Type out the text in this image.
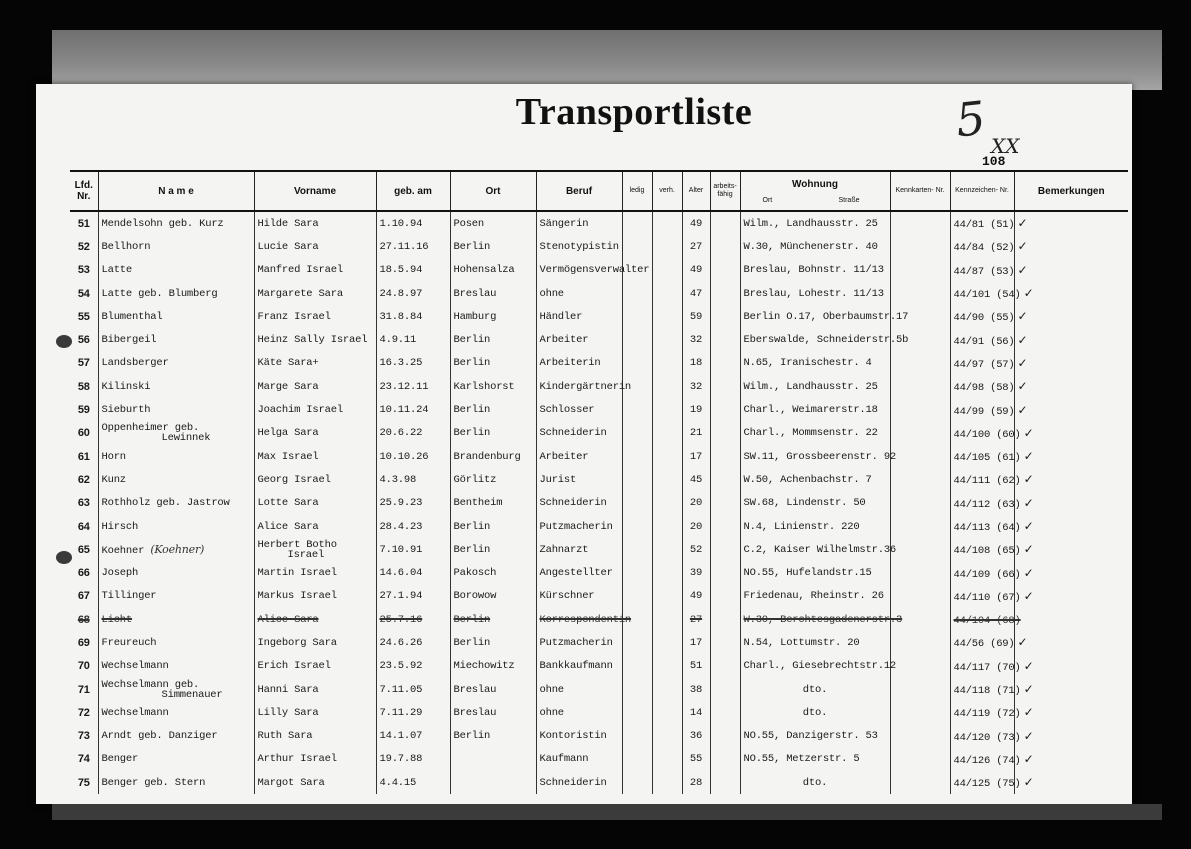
Transportliste	5 XX
108
Lfd. Nr.	N a m e	Vorname	geb. am	Ort	Beruf	ledig	verh.	Alter	arbeits- fähig	Wohnung
Ort Straße	Kennkarten- Nr.	Kennzeichen- Nr.	Bemerkungen
51	Mendelsohn geb. Kurz	Hilde Sara	1.10.94	Posen	Sängerin			49		Wilm., Landhausstr. 25		44/81 (51) ✓	
52	Bellhorn	Lucie Sara	27.11.16	Berlin	Stenotypistin			27		W.30, Münchenerstr. 40		44/84 (52) ✓	
53	Latte	Manfred Israel	18.5.94	Hohensalza	Vermögensverwalter			49		Breslau, Bohnstr. 11/13		44/87 (53) ✓	
54	Latte geb. Blumberg	Margarete Sara	24.8.97	Breslau	ohne			47		Breslau, Lohestr. 11/13		44/101 (54) ✓	
55	Blumenthal	Franz Israel	31.8.84	Hamburg	Händler			59		Berlin O.17, Oberbaumstr.17		44/90 (55) ✓	
56	Bibergeil	Heinz Sally Israel	4.9.11	Berlin	Arbeiter			32		Eberswalde, Schneiderstr.5b		44/91 (56) ✓	
57	Landsberger	Käte Sara+	16.3.25	Berlin	Arbeiterin			18		N.65, Iranischestr. 4		44/97 (57) ✓	
58	Kilinski	Marge Sara	23.12.11	Karlshorst	Kindergärtnerin			32		Wilm., Landhausstr. 25		44/98 (58) ✓	
59	Sieburth	Joachim Israel	10.11.24	Berlin	Schlosser			19		Charl., Weimarerstr.18		44/99 (59) ✓	
60	Oppenheimer geb.
Lewinnek	Helga Sara	20.6.22	Berlin	Schneiderin			21		Charl., Mommsenstr. 22		44/100 (60) ✓	
61	Horn	Max Israel	10.10.26	Brandenburg	Arbeiter			17		SW.11, Grossbeerenstr. 92		44/105 (61) ✓	
62	Kunz	Georg Israel	4.3.98	Görlitz	Jurist			45		W.50, Achenbachstr. 7		44/111 (62) ✓	
63	Rothholz geb. Jastrow	Lotte Sara	25.9.23	Bentheim	Schneiderin			20		SW.68, Lindenstr. 50		44/112 (63) ✓	
64	Hirsch	Alice Sara	28.4.23	Berlin	Putzmacherin			20		N.4, Linienstr. 220		44/113 (64) ✓	
65	Koehner (Koehner)	Herbert Botho
Israel	7.10.91	Berlin	Zahnarzt			52		C.2, Kaiser Wilhelmstr.36		44/108 (65) ✓	
66	Joseph	Martin Israel	14.6.04	Pakosch	Angestellter			39		NO.55, Hufelandstr.15		44/109 (66) ✓	
67	Tillinger	Markus Israel	27.1.94	Borowow	Kürschner			49		Friedenau, Rheinstr. 26		44/110 (67) ✓	
68	Licht	Alice Sara	25.7.16	Berlin	Korrespondentin			27		W.30, Berchtesgadenerstr.3		44/104 (68)	
69	Freureuch	Ingeborg Sara	24.6.26	Berlin	Putzmacherin			17		N.54, Lottumstr. 20		44/56 (69) ✓	
70	Wechselmann	Erich Israel	23.5.92	Miechowitz	Bankkaufmann			51		Charl., Giesebrechtstr.12		44/117 (70) ✓	
71	Wechselmann geb.
Simmenauer	Hanni Sara	7.11.05	Breslau	ohne			38		dto.		44/118 (71) ✓	
72	Wechselmann	Lilly Sara	7.11.29	Breslau	ohne			14		dto.		44/119 (72) ✓	
73	Arndt geb. Danziger	Ruth Sara	14.1.07	Berlin	Kontoristin			36		NO.55, Danzigerstr. 53		44/120 (73) ✓	
74	Benger	Arthur Israel	19.7.88		Kaufmann			55		NO.55, Metzerstr. 5		44/126 (74) ✓	
75	Benger geb. Stern	Margot Sara	4.4.15		Schneiderin			28		dto.		44/125 (75) ✓	
